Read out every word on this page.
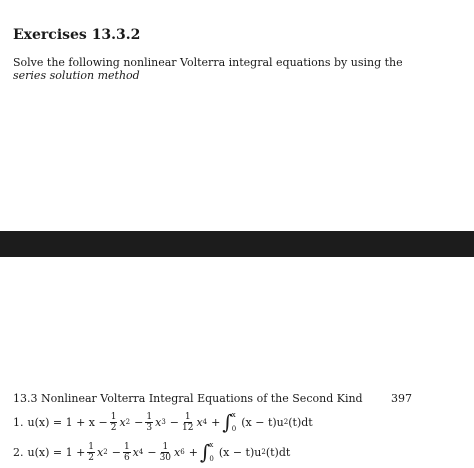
Exercises 13.3.2
Solve the following nonlinear Volterra integral equations by using the series solution method
13.3 Nonlinear Volterra Integral Equations of the Second Kind	397
1. $u(x) = 1 + x - \frac{1}{2}$ x $2 - \frac{1}{3}$ x $3 - \frac{1}{12}$ x 4 + ∫ x
0
(x − t)u 2 (t)dt
2. $u(x) = 1 + \frac{1}{2}$ x $2 - \frac{1}{6}$ x $4 - \frac{1}{30}$ x 6 + ∫ x
0
(x − t)u 2 (t)dt
